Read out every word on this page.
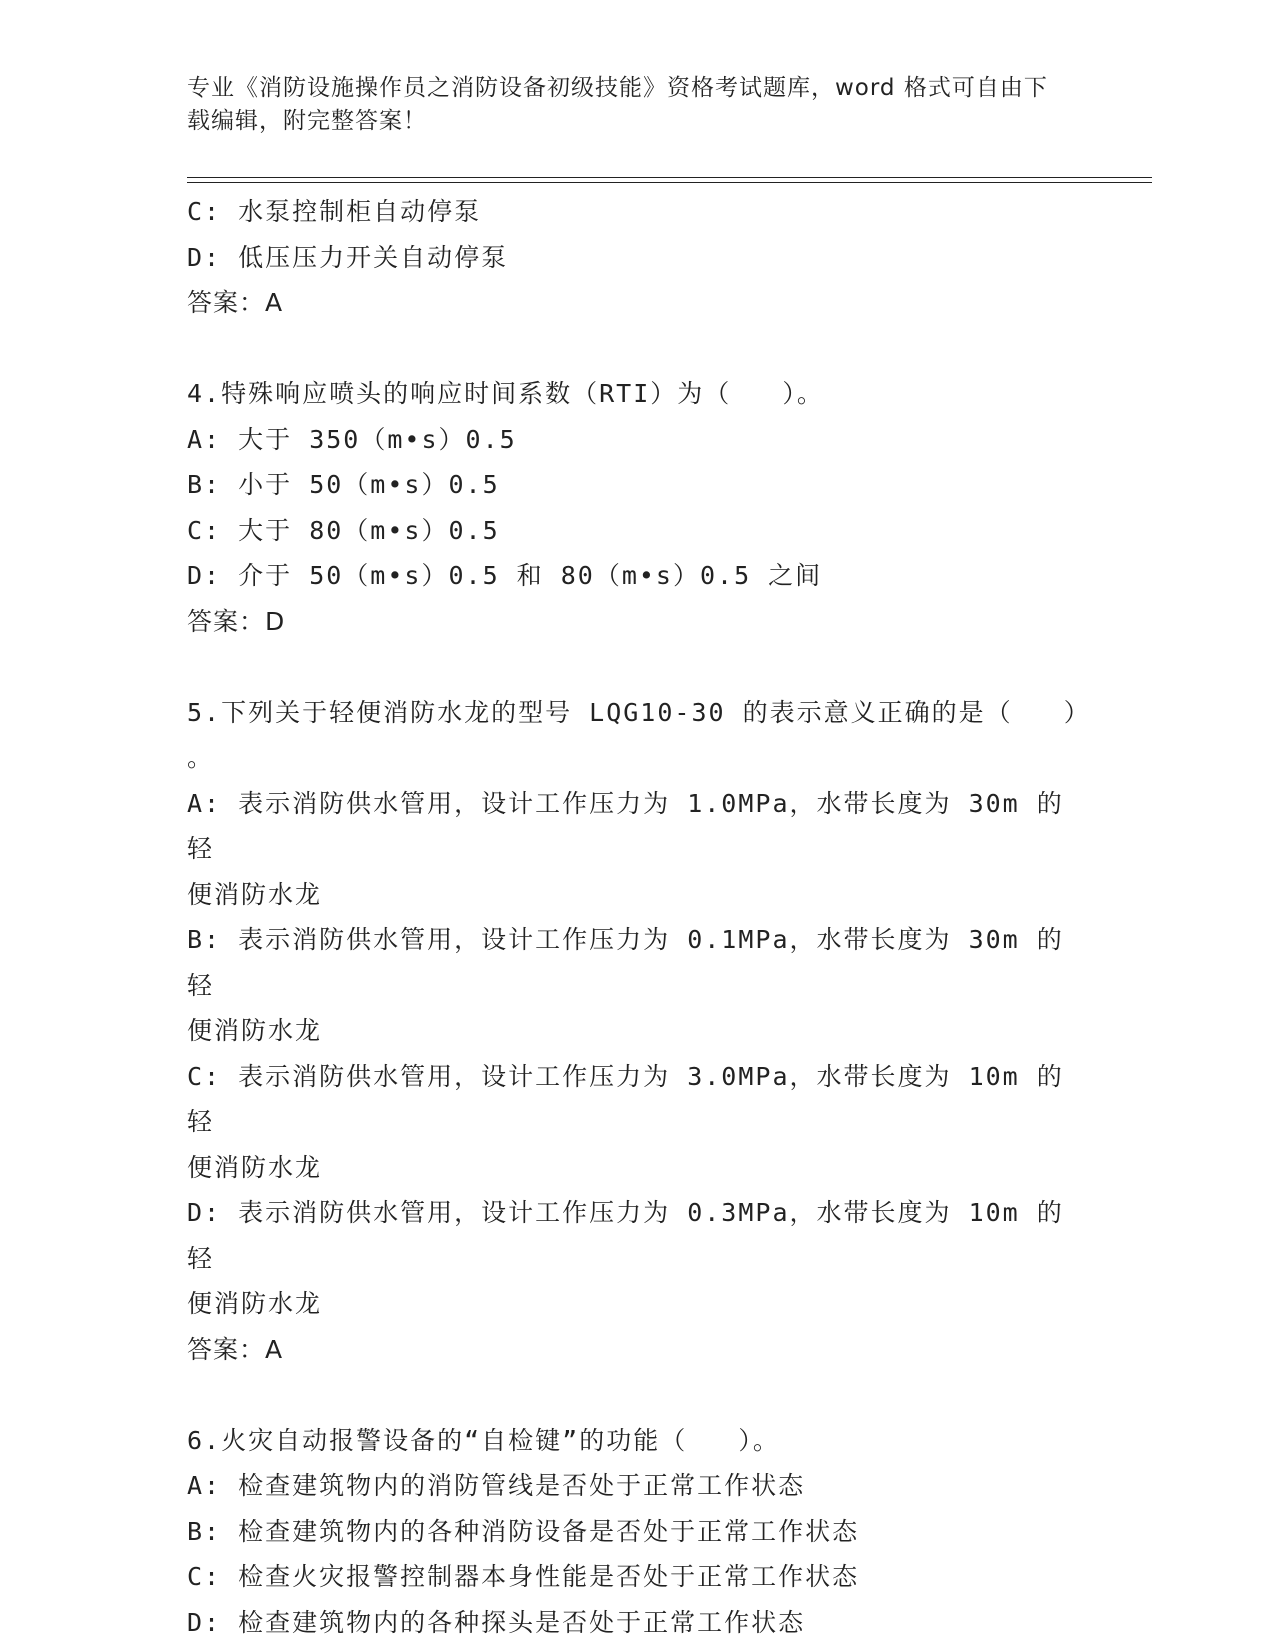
专业《消防设施操作员之消防设备初级技能》资格考试题库，word 格式可自由下
载编辑，附完整答案！
C: 水泵控制柜自动停泵
D: 低压压力开关自动停泵
答案：A
4.特殊响应喷头的响应时间系数（RTI）为（   ）。
A: 大于 350（m•s）0.5
B: 小于 50（m•s）0.5
C: 大于 80（m•s）0.5
D: 介于 50（m•s）0.5 和 80（m•s）0.5 之间
答案：D
5.下列关于轻便消防水龙的型号 LQG10-30 的表示意义正确的是（   ）
。
A: 表示消防供水管用，设计工作压力为 1.0MPa，水带长度为 30m 的轻
便消防水龙
B: 表示消防供水管用，设计工作压力为 0.1MPa，水带长度为 30m 的轻
便消防水龙
C: 表示消防供水管用，设计工作压力为 3.0MPa，水带长度为 10m 的轻
便消防水龙
D: 表示消防供水管用，设计工作压力为 0.3MPa，水带长度为 10m 的轻
便消防水龙
答案：A
6.火灾自动报警设备的“自检键”的功能（   ）。
A: 检查建筑物内的消防管线是否处于正常工作状态
B: 检查建筑物内的各种消防设备是否处于正常工作状态
C: 检查火灾报警控制器本身性能是否处于正常工作状态
D: 检查建筑物内的各种探头是否处于正常工作状态
